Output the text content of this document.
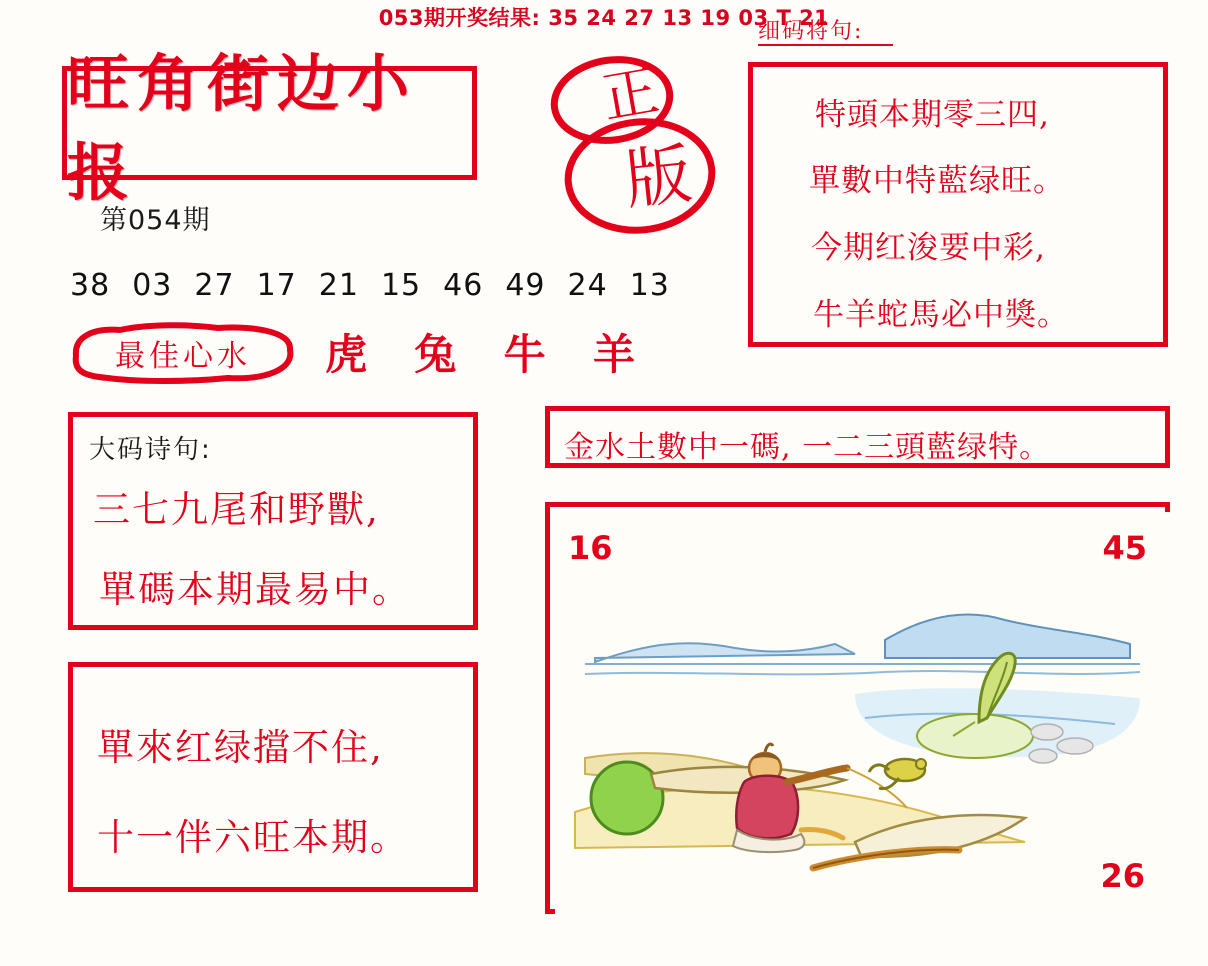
053期开奖结果: 35 24 27 13 19 03 T 21
旺角街边小报
第054期
正
版
38 03 27 17 21 15 46 49 24 13
最佳心水	虎 兔 牛 羊
大码诗句:
三七九尾和野獸,
單碼本期最易中。
單來红绿擋不住,
十一伴六旺本期。
细码将句:
特頭本期零三四,
單數中特藍绿旺。
今期红浚要中彩,
牛羊蛇馬必中獎。
金水土數中一碼, 一二三頭藍绿特。
16	45
26
